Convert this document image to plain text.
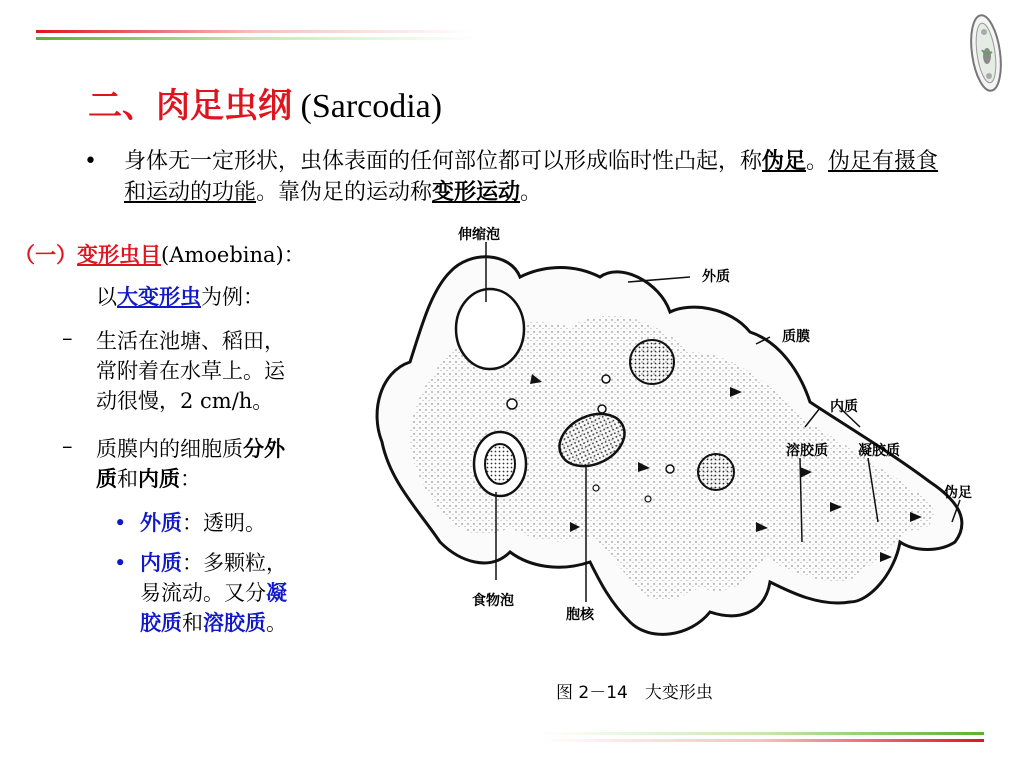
二、肉足虫纲 (Sarcodia)
• 身体无一定形状，虫体表面的任何部位都可以形成临时性凸起，称伪足。伪足有摄食和运动的功能。靠伪足的运动称变形运动。
（一）变形虫目(Amoebina)：
以大变形虫为例：
– 生活在池塘、稻田，
常附着在水草上。运
动很慢，2 cm/h。
– 质膜内的细胞质分外
质和内质：
• 外质：透明。
• 内质：多颗粒，
易流动。又分凝
胶质和溶胶质。
伸缩泡
外质
质膜
内质
溶胶质 凝胶质
伪足
食物泡
胞核
图 2－14　大变形虫
